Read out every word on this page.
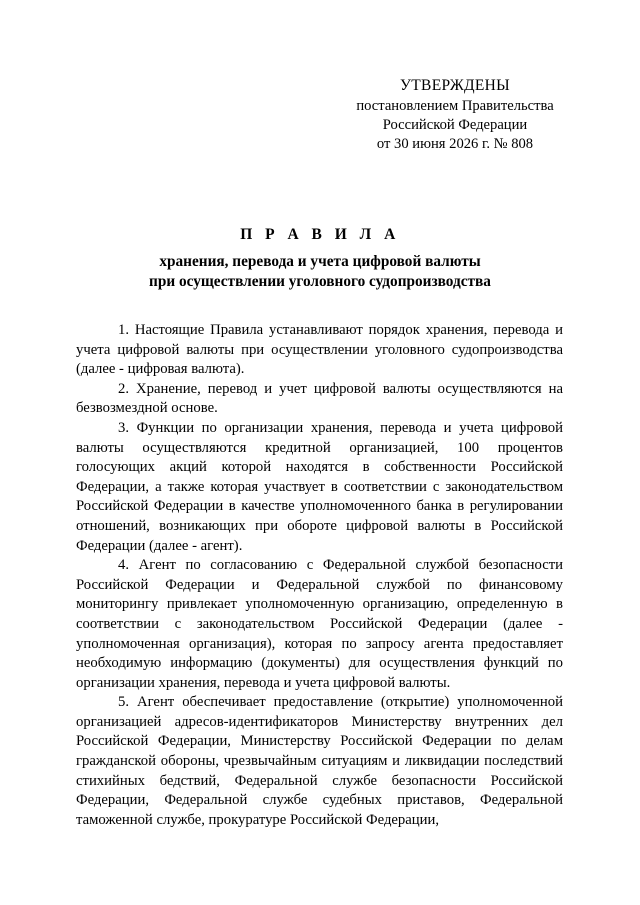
УТВЕРЖДЕНЫ
постановлением Правительства
Российской Федерации
от 30 июня 2026 г. № 808
П Р А В И Л А
хранения, перевода и учета цифровой валюты
при осуществлении уголовного судопроизводства

1. Настоящие Правила устанавливают порядок хранения, перевода и учета цифровой валюты при осуществлении уголовного судопроизводства (далее - цифровая валюта).

2. Хранение, перевод и учет цифровой валюты осуществляются на безвозмездной основе.

3. Функции по организации хранения, перевода и учета цифровой валюты осуществляются кредитной организацией, 100 процентов голосующих акций которой находятся в собственности Российской Федерации, а также которая участвует в соответствии с законодательством Российской Федерации в качестве уполномоченного банка в регулировании отношений, возникающих при обороте цифровой валюты в Российской Федерации (далее - агент).

4. Агент по согласованию с Федеральной службой безопасности Российской Федерации и Федеральной службой по финансовому мониторингу привлекает уполномоченную организацию, определенную в соответствии с законодательством Российской Федерации (далее - уполномоченная организация), которая по запросу агента предоставляет необходимую информацию (документы) для осуществления функций по организации хранения, перевода и учета цифровой валюты.

5. Агент обеспечивает предоставление (открытие) уполномоченной организацией адресов-идентификаторов Министерству внутренних дел Российской Федерации, Министерству Российской Федерации по делам гражданской обороны, чрезвычайным ситуациям и ликвидации последствий стихийных бедствий, Федеральной службе безопасности Российской Федерации, Федеральной службе судебных приставов, Федеральной таможенной службе, прокуратуре Российской Федерации,
